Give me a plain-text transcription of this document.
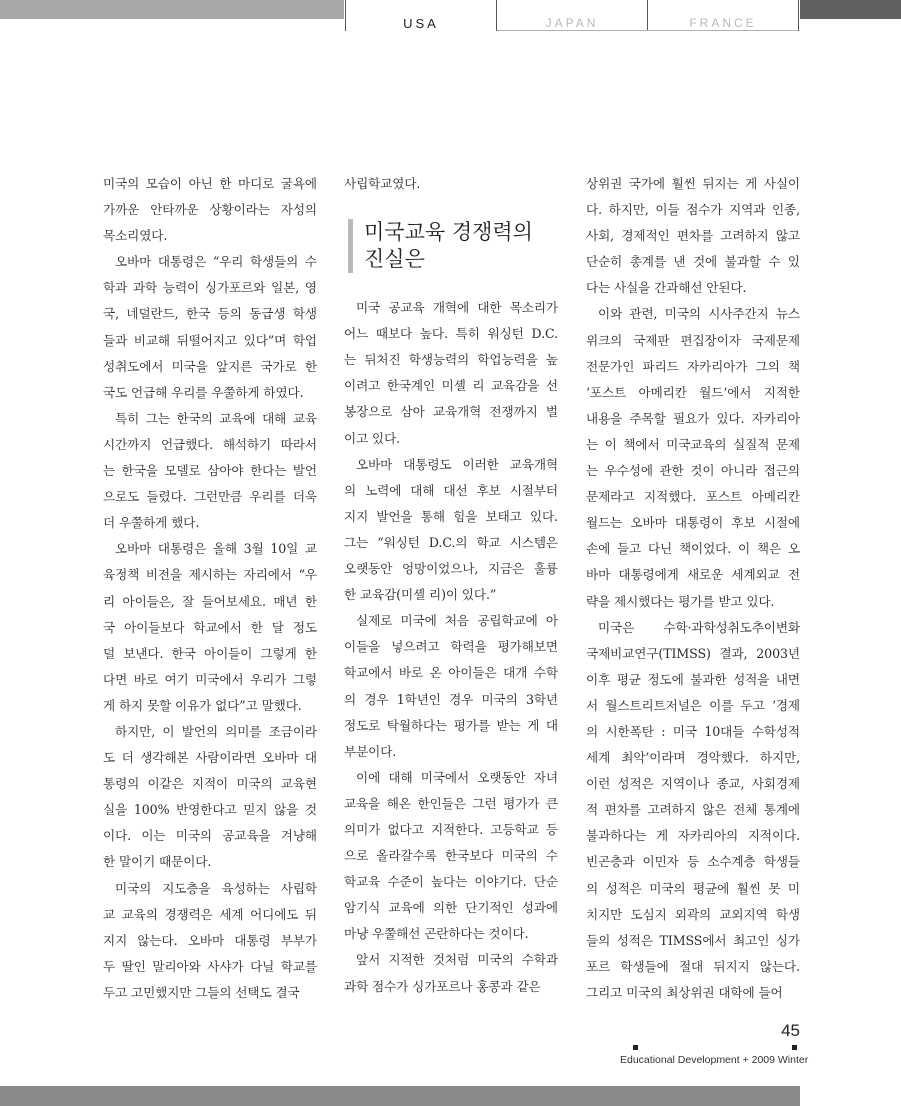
USA	JAPAN	FRANCE

미국의 모습이 아닌 한 마디로 굴욕에

가까운 안타까운 상황이라는 자성의

목소리였다.

오바마 대통령은 “우리 학생들의 수

학과 과학 능력이 싱가포르와 일본, 영

국, 네덜란드, 한국 등의 동급생 학생

들과 비교해 뒤떨어지고 있다”며 학업

성취도에서 미국을 앞지른 국가로 한

국도 언급해 우리를 우쭐하게 하였다.

특히 그는 한국의 교육에 대해 교육

시간까지 언급했다. 해석하기 따라서

는 한국을 모델로 삼아야 한다는 발언

으로도 들렸다. 그런만큼 우리를 더욱

더 우쭐하게 했다.

오바마 대통령은 올해 3월 10일 교

육정책 비전을 제시하는 자리에서 “우

리 아이들은, 잘 들어보세요. 매년 한

국 아이들보다 학교에서 한 달 정도

덜 보낸다. 한국 아이들이 그렇게 한

다면 바로 여기 미국에서 우리가 그렇

게 하지 못할 이유가 없다”고 말했다.

하지만, 이 발언의 의미를 조금이라

도 더 생각해본 사람이라면 오바마 대

통령의 이같은 지적이 미국의 교육현

실을 100% 반영한다고 믿지 않을 것

이다. 이는 미국의 공교육을 겨냥해

한 말이기 때문이다.

미국의 지도층을 육성하는 사립학

교 교육의 경쟁력은 세계 어디에도 뒤

지지 않는다. 오바마 대통령 부부가

두 딸인 말리아와 사샤가 다닐 학교를

두고 고민했지만 그들의 선택도 결국

사립학교였다.

미국교육 경쟁력의
진실은

미국 공교육 개혁에 대한 목소리가

어느 때보다 높다. 특히 워싱턴 D.C.

는 뒤처진 학생능력의 학업능력을 높

이려고 한국계인 미셸 리 교육감을 선

봉장으로 삼아 교육개혁 전쟁까지 벌

이고 있다.

오바마 대통령도 이러한 교육개혁

의 노력에 대해 대선 후보 시절부터

지지 발언을 통해 힘을 보태고 있다.

그는 “워싱턴 D.C.의 학교 시스템은

오랫동안 엉망이었으나, 지금은 훌륭

한 교육감(미셸 리)이 있다.”

실제로 미국에 처음 공립학교에 아

이들을 넣으려고 학력을 평가해보면

학교에서 바로 온 아이들은 대개 수학

의 경우 1학년인 경우 미국의 3학년

정도로 탁월하다는 평가를 받는 게 대

부분이다.

이에 대해 미국에서 오랫동안 자녀

교육을 해온 한인들은 그런 평가가 큰

의미가 없다고 지적한다. 고등학교 등

으로 올라갈수록 한국보다 미국의 수

학교육 수준이 높다는 이야기다. 단순

암기식 교육에 의한 단기적인 성과에

마냥 우쭐해선 곤란하다는 것이다.

앞서 지적한 것처럼 미국의 수학과

과학 점수가 싱가포르나 홍콩과 같은

상위권 국가에 훨씬 뒤지는 게 사실이

다. 하지만, 이들 점수가 지역과 인종,

사회, 경제적인 편차를 고려하지 않고

단순히 총계를 낸 것에 불과할 수 있

다는 사실을 간과해선 안된다.

이와 관련, 미국의 시사주간지 뉴스

위크의 국제판 편집장이자 국제문제

전문가인 파리드 자카리아가 그의 책

‘포스트 아메리칸 월드’에서 지적한

내용을 주목할 필요가 있다. 자카리아

는 이 책에서 미국교육의 실질적 문제

는 우수성에 관한 것이 아니라 접근의

문제라고 지적했다. 포스트 아메리칸

월드는 오바마 대통령이 후보 시절에

손에 들고 다닌 책이었다. 이 책은 오

바마 대통령에게 새로운 세계외교 전

략을 제시했다는 평가를 받고 있다.

미국은 수학·과학성취도추이변화

국제비교연구(TIMSS) 결과, 2003년

이후 평균 정도에 불과한 성적을 내면

서 월스트리트저널은 이를 두고 ‘경제

의 시한폭탄 : 미국 10대들 수학성적

세계 최악’이라며 경악했다. 하지만,

이런 성적은 지역이나 종교, 사회경제

적 편차를 고려하지 않은 전체 통계에

불과하다는 게 자카리아의 지적이다.

빈곤층과 이민자 등 소수계층 학생들

의 성적은 미국의 평균에 훨씬 못 미

치지만 도심지 외곽의 교외지역 학생

들의 성적은 TIMSS에서 최고인 싱가

포르 학생들에 절대 뒤지지 않는다.

그리고 미국의 최상위권 대학에 들어

45
Educational Development + 2009 Winter
